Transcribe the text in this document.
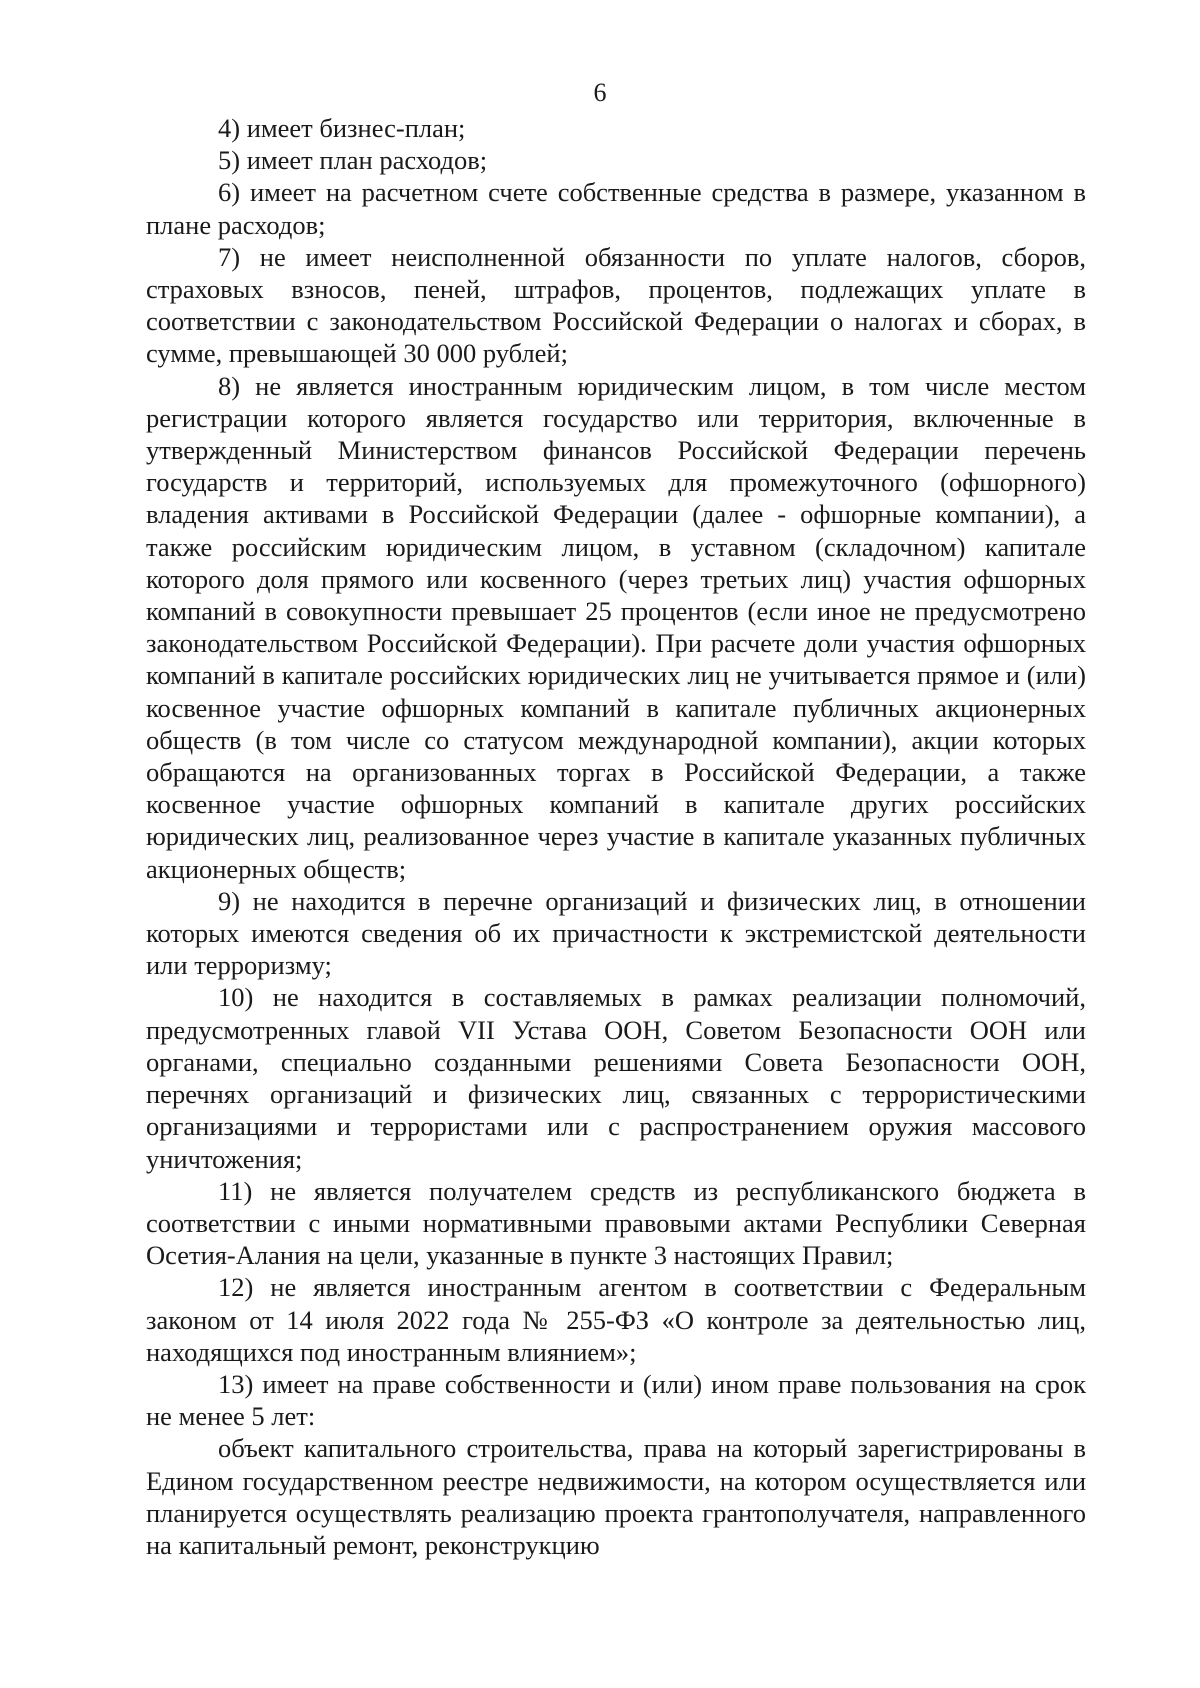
6

4) имеет бизнес-план;

5) имеет план расходов;

6) имеет на расчетном счете собственные средства в размере, указанном в плане расходов;

7) не имеет неисполненной обязанности по уплате налогов, сборов, страховых взносов, пеней, штрафов, процентов, подлежащих уплате в соответствии с законодательством Российской Федерации о налогах и сборах, в сумме, превышающей 30 000 рублей;

8) не является иностранным юридическим лицом, в том числе местом регистрации которого является государство или территория, включенные в утвержденный Министерством финансов Российской Федерации перечень государств и территорий, используемых для промежуточного (офшорного) владения активами в Российской Федерации (далее - офшорные компании), а также российским юридическим лицом, в уставном (складочном) капитале которого доля прямого или косвенного (через третьих лиц) участия офшорных компаний в совокупности превышает 25 процентов (если иное не предусмотрено законодательством Российской Федерации). При расчете доли участия офшорных компаний в капитале российских юридических лиц не учитывается прямое и (или) косвенное участие офшорных компаний в капитале публичных акционерных обществ (в том числе со статусом международной компании), акции которых обращаются на организованных торгах в Российской Федерации, а также косвенное участие офшорных компаний в капитале других российских юридических лиц, реализованное через участие в капитале указанных публичных акционерных обществ;

9) не находится в перечне организаций и физических лиц, в отношении которых имеются сведения об их причастности к экстремистской деятельности или терроризму;

10) не находится в составляемых в рамках реализации полномочий, предусмотренных главой VII Устава ООН, Советом Безопасности ООН или органами, специально созданными решениями Совета Безопасности ООН, перечнях организаций и физических лиц, связанных с террористическими организациями и террористами или с распространением оружия массового уничтожения;

11) не является получателем средств из республиканского бюджета в соответствии с иными нормативными правовыми актами Республики Северная Осетия-Алания на цели, указанные в пункте 3 настоящих Правил;

12) не является иностранным агентом в соответствии с Федеральным законом от 14 июля 2022 года № 255-ФЗ «О контроле за деятельностью лиц, находящихся под иностранным влиянием»;

13) имеет на праве собственности и (или) ином праве пользования на срок не менее 5 лет:

объект капитального строительства, права на который зарегистрированы в Едином государственном реестре недвижимости, на котором осуществляется или планируется осуществлять реализацию проекта грантополучателя, направленного на капитальный ремонт, реконструкцию
